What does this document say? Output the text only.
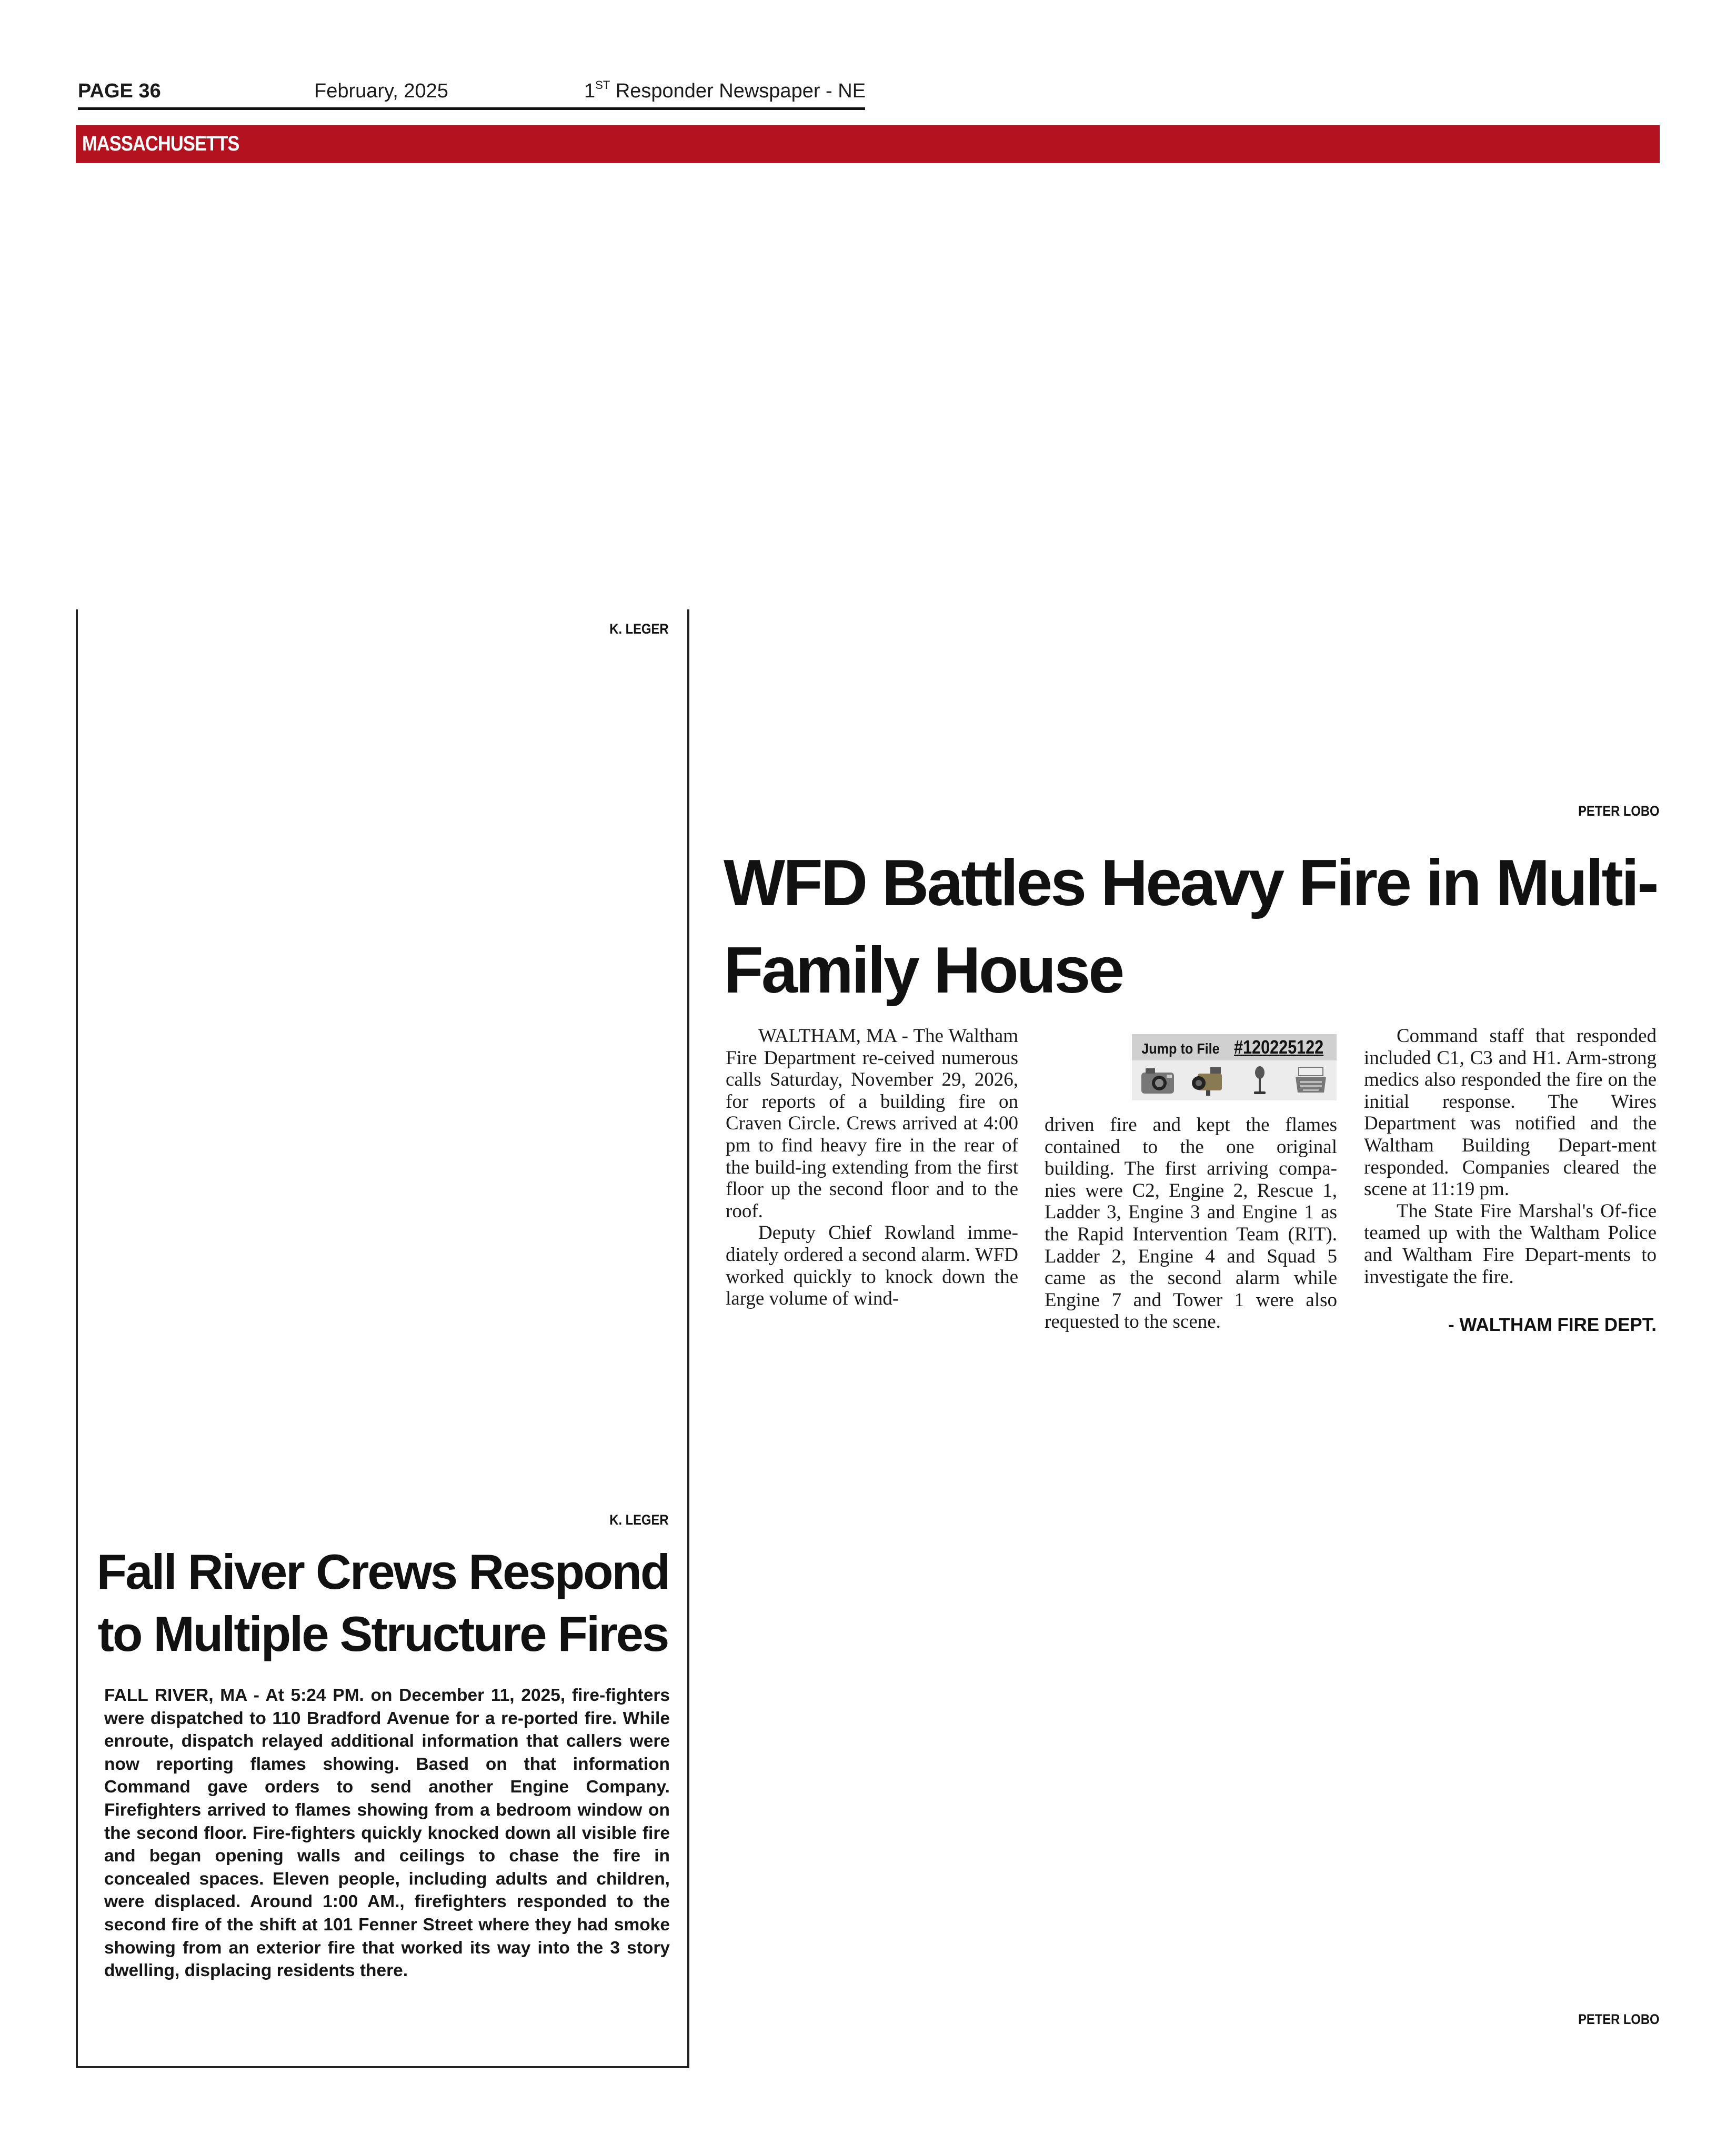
PAGE 36	February, 2025	1ST Responder Newspaper - NE
MASSACHUSETTS
K. LEGER
K. LEGER
Fall River Crews Respond to Multiple Structure Fires
FALL RIVER, MA - At 5:24 PM. on December 11, 2025, fire-fighters were dispatched to 110 Bradford Avenue for a re-ported fire. While enroute, dispatch relayed additional information that callers were now reporting flames showing. Based on that information Command gave orders to send another Engine Company. Firefighters arrived to flames showing from a bedroom window on the second floor. Fire-fighters quickly knocked down all visible fire and began opening walls and ceilings to chase the fire in concealed spaces. Eleven people, including adults and children, were displaced. Around 1:00 AM., firefighters responded to the second fire of the shift at 101 Fenner Street where they had smoke showing from an exterior fire that worked its way into the 3 story dwelling, displacing residents there.
PETER LOBO
WFD Battles Heavy Fire in Multi-Family House

WALTHAM, MA - The Waltham Fire Department re-ceived numerous calls Saturday, November 29, 2026, for reports of a building fire on Craven Circle. Crews arrived at 4:00 pm to find heavy fire in the rear of the build-ing extending from the first floor up the second floor and to the roof.

Deputy Chief Rowland imme-diately ordered a second alarm. WFD worked quickly to knock down the large volume of wind-

Jump to File #120225122

driven fire and kept the flames contained to the one original building. The first arriving compa-nies were C2, Engine 2, Rescue 1, Ladder 3, Engine 3 and Engine 1 as the Rapid Intervention Team (RIT). Ladder 2, Engine 4 and Squad 5 came as the second alarm while Engine 7 and Tower 1 were also requested to the scene.

Command staff that responded included C1, C3 and H1. Arm-strong medics also responded the fire on the initial response. The Wires Department was notified and the Waltham Building Depart-ment responded. Companies cleared the scene at 11:19 pm.

The State Fire Marshal's Of-fice teamed up with the Waltham Police and Waltham Fire Depart-ments to investigate the fire.

- WALTHAM FIRE DEPT.
PETER LOBO
